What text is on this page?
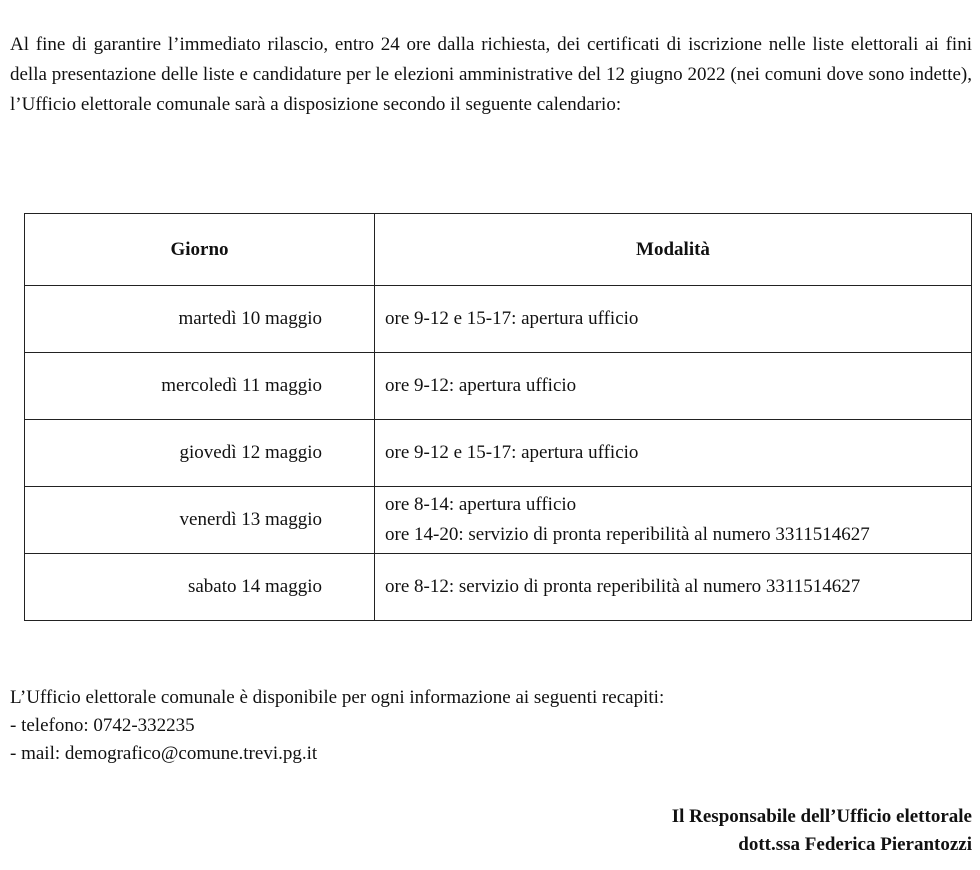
Al fine di garantire l’immediato rilascio, entro 24 ore dalla richiesta, dei certificati di iscrizione nelle liste elettorali ai fini della presentazione delle liste e candidature per le elezioni amministrative del 12 giugno 2022 (nei comuni dove sono indette), l’Ufficio elettorale comunale sarà a disposizione secondo il seguente calendario:

Giorno	Modalità
martedì 10 maggio	ore 9-12 e 15-17: apertura ufficio

mercoledì 11 maggio	ore 9-12: apertura ufficio

giovedì 12 maggio	ore 9-12 e 15-17: apertura ufficio

venerdì 13 maggio	ore 8-14: apertura ufficio
ore 14-20: servizio di pronta reperibilità al numero 3311514627

sabato 14 maggio	ore 8-12: servizio di pronta reperibilità al numero 3311514627
L’Ufficio elettorale comunale è disponibile per ogni informazione ai seguenti recapiti:
- telefono: 0742-332235
- mail: demografico@comune.trevi.pg.it
Il Responsabile dell’Ufficio elettorale
dott.ssa Federica Pierantozzi
